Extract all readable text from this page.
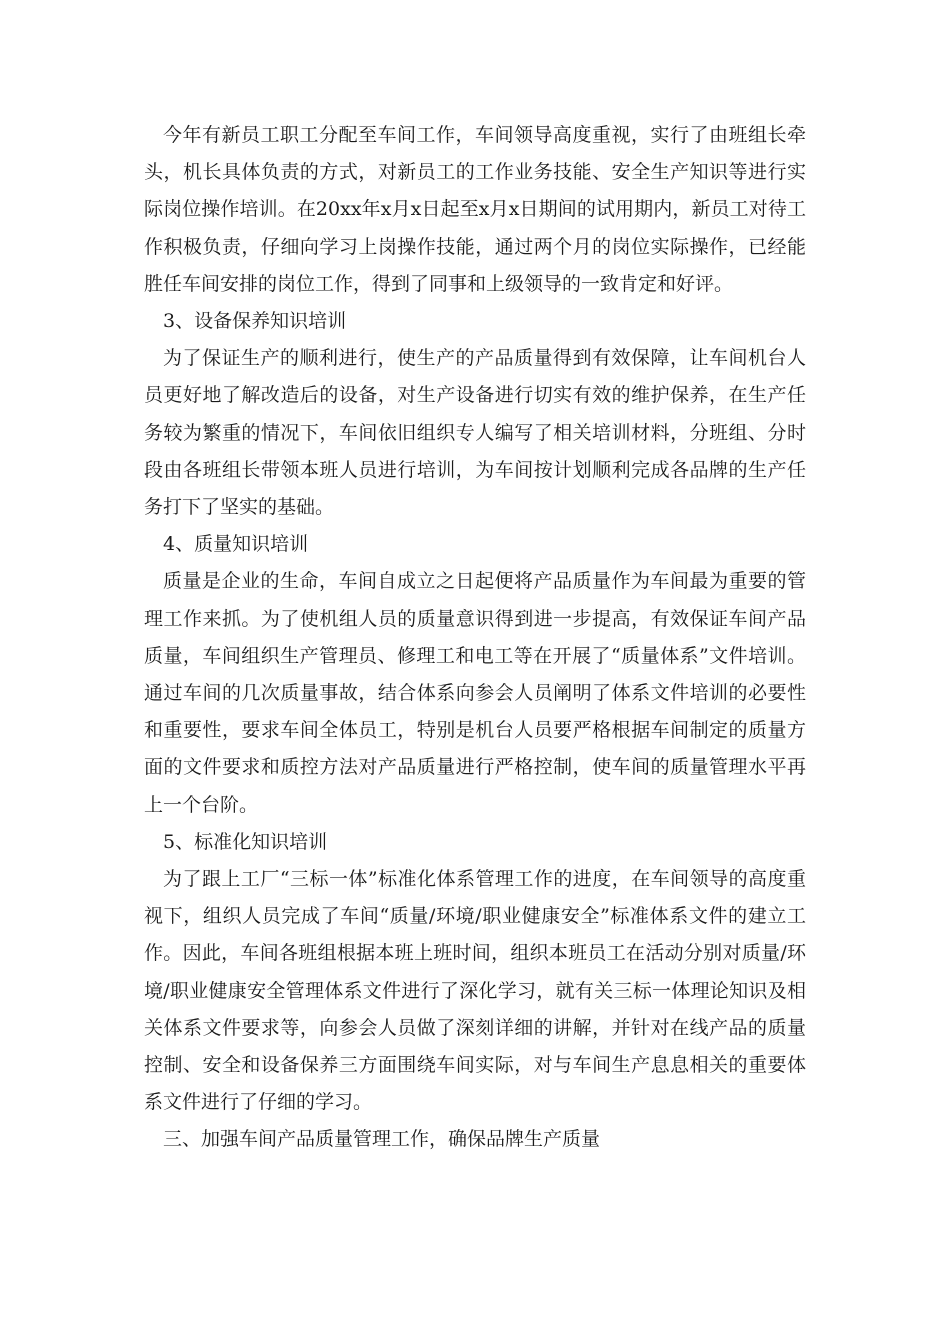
今年有新员工职工分配至车间工作，车间领导高度重视，实行了由班组长牵头，机长具体负责的方式，对新员工的工作业务技能、安全生产知识等进行实际岗位操作培训。在20xx年x月x日起至x月x日期间的试用期内，新员工对待工作积极负责，仔细向学习上岗操作技能，通过两个月的岗位实际操作，已经能胜任车间安排的岗位工作，得到了同事和上级领导的一致肯定和好评。

3、设备保养知识培训

为了保证生产的顺利进行，使生产的产品质量得到有效保障，让车间机台人员更好地了解改造后的设备，对生产设备进行切实有效的维护保养，在生产任务较为繁重的情况下，车间依旧组织专人编写了相关培训材料，分班组、分时段由各班组长带领本班人员进行培训，为车间按计划顺利完成各品牌的生产任务打下了坚实的基础。

4、质量知识培训

质量是企业的生命，车间自成立之日起便将产品质量作为车间最为重要的管理工作来抓。为了使机组人员的质量意识得到进一步提高，有效保证车间产品质量，车间组织生产管理员、修理工和电工等在开展了“质量体系”文件培训。通过车间的几次质量事故，结合体系向参会人员阐明了体系文件培训的必要性和重要性，要求车间全体员工，特别是机台人员要严格根据车间制定的质量方面的文件要求和质控方法对产品质量进行严格控制，使车间的质量管理水平再上一个台阶。

5、标准化知识培训

为了跟上工厂“三标一体”标准化体系管理工作的进度，在车间领导的高度重视下，组织人员完成了车间“质量/环境/职业健康安全”标准体系文件的建立工作。因此，车间各班组根据本班上班时间，组织本班员工在活动分别对质量/环境/职业健康安全管理体系文件进行了深化学习，就有关三标一体理论知识及相关体系文件要求等，向参会人员做了深刻详细的讲解，并针对在线产品的质量控制、安全和设备保养三方面围绕车间实际，对与车间生产息息相关的重要体系文件进行了仔细的学习。

三、加强车间产品质量管理工作，确保品牌生产质量
